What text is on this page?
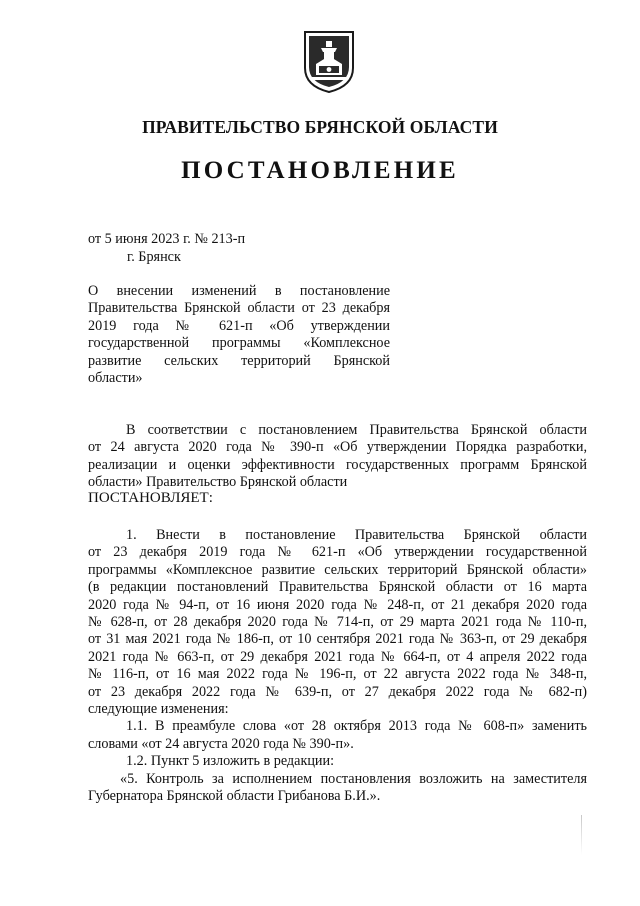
ПРАВИТЕЛЬСТВО БРЯНСКОЙ ОБЛАСТИ
ПОСТАНОВЛЕНИЕ
от 5 июня 2023 г. № 213-п
г. Брянск
О внесении изменений в постановление
Правительства Брянской области от 23 декабря
2019 года № 621-п «Об утверждении
государственной программы «Комплексное
развитие сельских территорий Брянской
области»
В соответствии с постановлением Правительства Брянской области
от 24 августа 2020 года № 390-п «Об утверждении Порядка разработки,
реализации и оценки эффективности государственных программ Брянской
области» Правительство Брянской области
ПОСТАНОВЛЯЕТ:
1. Внести в постановление Правительства Брянской области
от 23 декабря 2019 года № 621-п «Об утверждении государственной
программы «Комплексное развитие сельских территорий Брянской области»
(в редакции постановлений Правительства Брянской области от 16 марта
2020 года № 94-п, от 16 июня 2020 года № 248-п, от 21 декабря 2020 года
№ 628-п, от 28 декабря 2020 года № 714-п, от 29 марта 2021 года № 110-п,
от 31 мая 2021 года № 186-п, от 10 сентября 2021 года № 363-п, от 29 декабря
2021 года № 663-п, от 29 декабря 2021 года № 664-п, от 4 апреля 2022 года
№ 116-п, от 16 мая 2022 года № 196-п, от 22 августа 2022 года № 348-п,
от 23 декабря 2022 года № 639-п, от 27 декабря 2022 года № 682-п)
следующие изменения:
1.1. В преамбуле слова «от 28 октября 2013 года № 608-п» заменить
словами «от 24 августа 2020 года № 390-п».
1.2. Пункт 5 изложить в редакции:
«5. Контроль за исполнением постановления возложить на заместителя
Губернатора Брянской области Грибанова Б.И.».
